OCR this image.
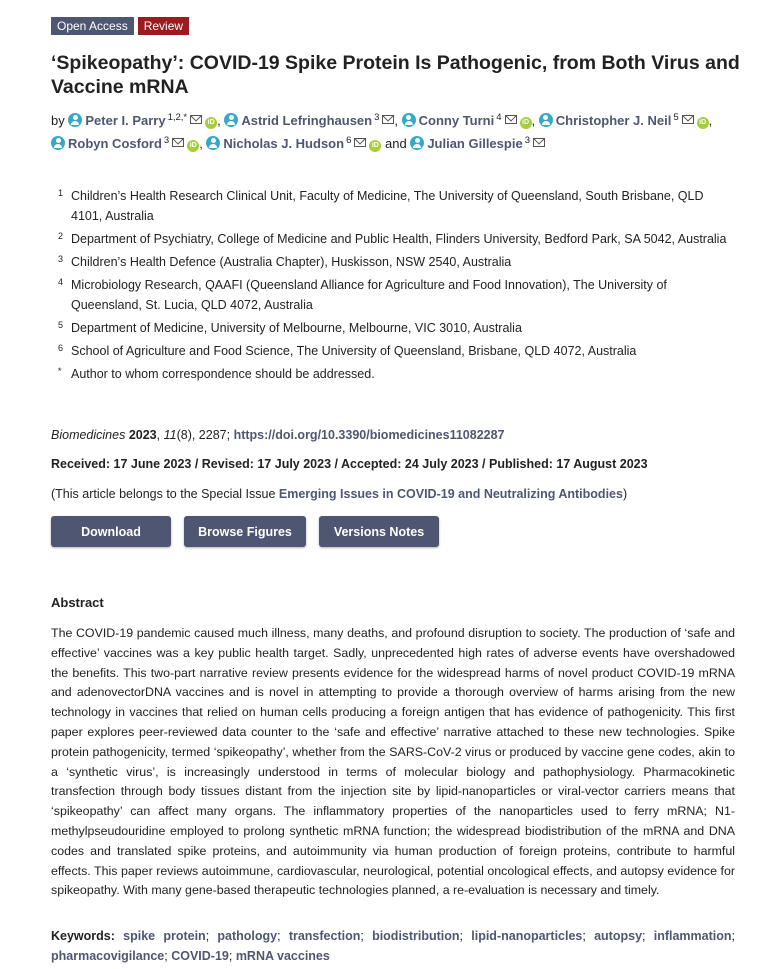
Open Access	Review
‘Spikeopathy’: COVID-19 Spike Protein Is Pathogenic, from Both Virus and Vaccine mRNA
by Peter I. Parry $^{1,2,*}$	iD , Astrid Lefringhausen $^3$ , Conny Turni $^4$	iD , Christopher J. Neil $^5$	iD , Robyn Cosford $^3$	iD , Nicholas J. Hudson $^6$	iD and Julian Gillespie $^3$
1 Children’s Health Research Clinical Unit, Faculty of Medicine, The University of Queensland, South Brisbane, QLD 4101, Australia
2 Department of Psychiatry, College of Medicine and Public Health, Flinders University, Bedford Park, SA 5042, Australia
3 Children’s Health Defence (Australia Chapter), Huskisson, NSW 2540, Australia
4 Microbiology Research, QAAFI (Queensland Alliance for Agriculture and Food Innovation), The University of Queensland, St. Lucia, QLD 4072, Australia
5 Department of Medicine, University of Melbourne, Melbourne, VIC 3010, Australia
6 School of Agriculture and Food Science, The University of Queensland, Brisbane, QLD 4072, Australia
* Author to whom correspondence should be addressed.
Biomedicines 2023, 11(8), 2287; https://doi.org/10.3390/biomedicines11082287
Received: 17 June 2023 / Revised: 17 July 2023 / Accepted: 24 July 2023 / Published: 17 August 2023
(This article belongs to the Special Issue Emerging Issues in COVID-19 and Neutralizing Antibodies)
Download	Browse Figures	Versions Notes
Abstract

The COVID-19 pandemic caused much illness, many deaths, and profound disruption to society. The production of ‘safe and effective’ vaccines was a key public health target. Sadly, unprecedented high rates of adverse events have overshadowed the benefits. This two-part narrative review presents evidence for the widespread harms of novel product COVID-19 mRNA and adenovectorDNA vaccines and is novel in attempting to provide a thorough overview of harms arising from the new technology in vaccines that relied on human cells producing a foreign antigen that has evidence of pathogenicity. This first paper explores peer-reviewed data counter to the ‘safe and effective’ narrative attached to these new technologies. Spike protein pathogenicity, termed ‘spikeopathy’, whether from the SARS-CoV-2 virus or produced by vaccine gene codes, akin to a ‘synthetic virus’, is increasingly understood in terms of molecular biology and pathophysiology. Pharmacokinetic transfection through body tissues distant from the injection site by lipid-nanoparticles or viral-vector carriers means that ‘spikeopathy’ can affect many organs. The inflammatory properties of the nanoparticles used to ferry mRNA; N1-methylpseudouridine employed to prolong synthetic mRNA function; the widespread biodistribution of the mRNA and DNA codes and translated spike proteins, and autoimmunity via human production of foreign proteins, contribute to harmful effects. This paper reviews autoimmune, cardiovascular, neurological, potential oncological effects, and autopsy evidence for spikeopathy. With many gene-based therapeutic technologies planned, a re-evaluation is necessary and timely.

Keywords: spike protein; pathology; transfection; biodistribution; lipid-nanoparticles; autopsy; inflammation; pharmacovigilance; COVID-19; mRNA vaccines
